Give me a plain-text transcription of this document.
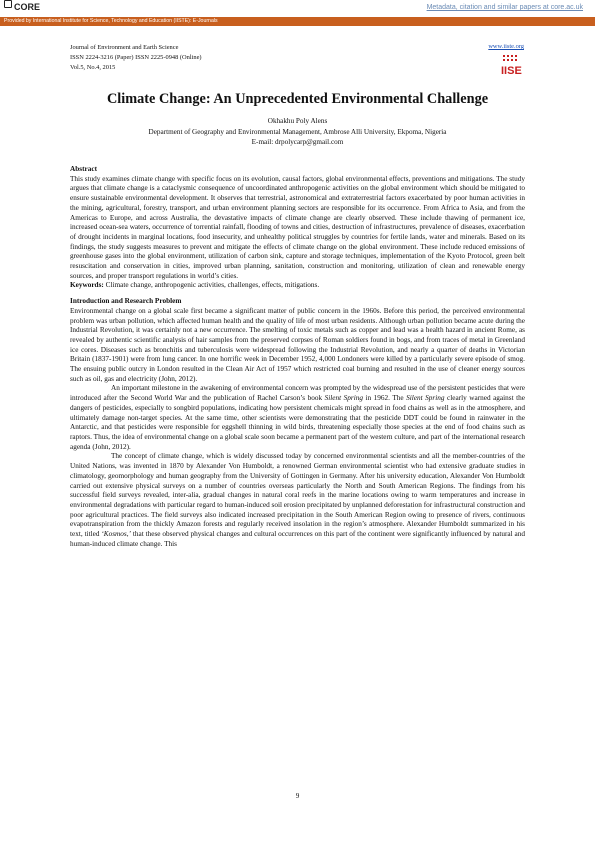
CORE	Metadata, citation and similar papers at core.ac.uk
Provided by International Institute for Science, Technology and Education (IISTE): E-Journals
Journal of Environment and Earth Science
ISSN 2224-3216 (Paper) ISSN 2225-0948 (Online)
Vol.5, No.4, 2015
www.iiste.org
IISE
Climate Change: An Unprecedented Environmental Challenge
Okhakhu Poly Alens
Department of Geography and Environmental Management, Ambrose Alli University, Ekpoma, Nigeria
E-mail: drpolycarp@gmail.com

Abstract

This study examines climate change with specific focus on its evolution, causal factors, global environmental effects, preventions and mitigations. The study argues that climate change is a cataclysmic consequence of uncoordinated anthropogenic activities on the global environment which should be mitigated to ensure sustainable environmental development. It observes that terrestrial, astronomical and extraterrestrial factors exacerbated by poor human activities in the mining, agricultural, forestry, transport, and urban environment planning sectors are responsible for its occurrence. From Africa to Asia, and from the Americas to Europe, and across Australia, the devastative impacts of climate change are clearly observed. These include thawing of permanent ice, increased ocean-sea waters, occurrence of torrential rainfall, flooding of towns and cities, destruction of infrastructures, prevalence of diseases, exacerbation of drought incidents in marginal locations, food insecurity, and unhealthy political struggles by countries for fertile lands, water and minerals. Based on its findings, the study suggests measures to prevent and mitigate the effects of climate change on the global environment. These include reduced emissions of greenhouse gases into the global environment, utilization of carbon sink, capture and storage techniques, implementation of the Kyoto Protocol, green belt resuscitation and conservation in cities, improved urban planning, sanitation, construction and monitoring, utilization of clean and renewable energy sources, and proper transport regulations in world’s cities.

Keywords: Climate change, anthropogenic activities, challenges, effects, mitigations.

Introduction and Research Problem

Environmental change on a global scale first became a significant matter of public concern in the 1960s. Before this period, the perceived environmental problem was urban pollution, which affected human health and the quality of life of most urban residents. Although urban pollution became acute during the Industrial Revolution, it was certainly not a new occurrence. The smelting of toxic metals such as copper and lead was a health hazard in ancient Rome, as revealed by authentic scientific analysis of hair samples from the preserved corpses of Roman soldiers found in bogs, and from traces of metal in Greenland ice cores. Diseases such as bronchitis and tuberculosis were widespread following the Industrial Revolution, and nearly a quarter of deaths in Victorian Britain (1837-1901) were from lung cancer. In one horrific week in December 1952, 4,000 Londoners were killed by a particularly severe episode of smog. The ensuing public outcry in London resulted in the Clean Air Act of 1957 which restricted coal burning and resulted in the use of cleaner energy sources such as oil, gas and electricity (John, 2012).

An important milestone in the awakening of environmental concern was prompted by the widespread use of the persistent pesticides that were introduced after the Second World War and the publication of Rachel Carson’s book Silent Spring in 1962. The Silent Spring clearly warned against the dangers of pesticides, especially to songbird populations, indicating how persistent chemicals might spread in food chains as well as in the atmosphere, and ultimately damage non-target species. At the same time, other scientists were demonstrating that the pesticide DDT could be found in rainwater in the Antarctic, and that pesticides were responsible for eggshell thinning in wild birds, threatening especially those species at the end of food chains such as raptors. Thus, the idea of environmental change on a global scale soon became a permanent part of the western culture, and part of the international research agenda (John, 2012).

The concept of climate change, which is widely discussed today by concerned environmental scientists and all the member-countries of the United Nations, was invented in 1870 by Alexander Von Humboldt, a renowned German environmental scientist who had extensive graduate studies in climatology, geomorphology and human geography from the University of Gottingen in Germany. After his university education, Alexander Von Humboldt carried out extensive physical surveys on a number of countries overseas particularly the North and South American Regions. The findings from his successful field surveys revealed, inter-alia, gradual changes in natural coral reefs in the marine locations owing to warm temperatures and increase in environmental degradations with particular regard to human-induced soil erosion precipitated by unplanned deforestation for infrastructural construction and poor agricultural practices. The field surveys also indicated increased precipitation in the South American Region owing to presence of rivers, continuous evapotranspiration from the thickly Amazon forests and regularly received insolation in the region’s atmosphere. Alexander Humboldt summarized in his text, titled ‘Kosmos,’ that these observed physical changes and cultural occurrences on this part of the continent were significantly influenced by natural and human-induced climate change. This

9
